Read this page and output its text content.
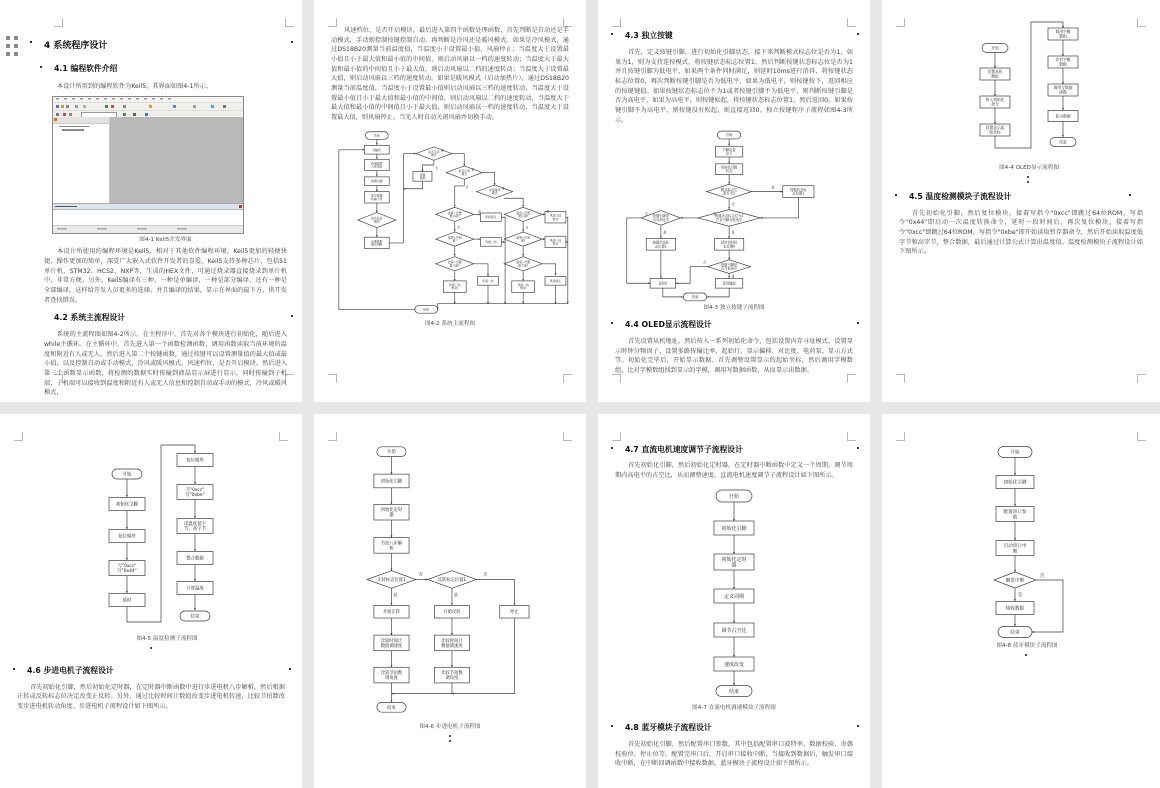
4 系统程序设计
4.1 编程软件介绍

本设计所用到的编程软件为Keil5，其界面如图4-1所示。

图4-1 Keil5开发界面

本设计所使用的编程环境是Keil5，相对于其他软件编程环境，Keil5更加的轻便快捷、操作更加的简单，深受广大嵌入式软件开发者的喜爱。Keil5支持多种芯片，包括51单片机、STM32、HCS2、NXP等，生成的HEX文件，可通过烧录器直接烧录到单片机中，非常方便。另外，Keil5编译有三种，一种是单编译，一种是部分编译，还有一种是全部编译，这样给开发人员更多的选择，并且编译的结果，显示在界面的最下方，供开发者查找错误。

4.2 系统主流程设计

系统的主流程图如图4-2所示。在主程序中，首先对各个模块进行初始化，随后进入while主循环。在主循环中，首先进入第一个函数检测函数，调用函数读取当前环境的温度和附近有人或无人，然后进入第二个按键函数，通过按键可以设置测量值的最大值或最小值，以及控制自动或手动模式，冷风或暖风模式，风速档位，是否开启模块。然后进入第三个函数显示函数，将检测的数据实时传输到液晶显示屏进行显示，同时传输到子机端，子机端可以接收到温度和附近有人或无人信息和控制自动或手动的模式，冷风或暖风模式，

风速档位、是否开启模块。最后进入第四个函数处理函数，首先判断是自动还是手动模式，手动则控制按键控制自动，再判断是冷风还是暖风模式。如果是冷风模式，通过DS18B20测量当前温度值，当温度小于设置最小值，风扇停止；当温度大于设置最小值且小于最大值和最小值的中间值，则启动风扇以一档的速度转动；当温度大于最大值和最小值的中间值且小于最大值，则启动风扇以二档的速度转动；当温度大于设置最大值，则启动风扇以三档的速度转动。如果是暖风模式（启动加热片），通过DS18B20测量当前温度值，当温度小于设置最小值则启动风扇以三档的速度转动，当温度大于设置最小值且小于最大值和最小值的中间值，则启动风扇以二档的速度转动，当温度大于最大值和最小值的中间值且小于最大值，则启动风扇以一档的速度转动，当温度大于设置最大值，则风扇停止。当无人时自动关闭风扇并切换手动。

开始
初始化
检测温度人体信息
按键扫描
显示数据传输子机
是否开启模块
处理函数模式判断
是否手动模式
按键控制
是否冷风模式
是否暖风模式
温度<设置最小值?	风扇停止
温度<中间值?	风扇二档
温度<设置最大值?
风扇三档转动
风扇一档
温度<设置最小值?	风扇三档转动
温度<中间值?	风扇一档转动
温度<设置最大值?
风扇二档转动
风扇停止
结束
是
否	是
否	是
是	是
否	否

图4-2 系统主流程图

4.3 独立按键

首先，定义按键引脚，进行初始化引脚状态。接下来判断模式标志位是否为1，如果为1，则为支持连按模式，将按键状态标志位置1。然后判断按键状态标志位是否为1并且按键引脚为低电平，如果两个条件同时满足，则延时10ms进行消抖，将按键状态标志位置0，再次判断按键引脚是否为低电平，如果为低电平，则按键按下，返回相应的按键键值。如果按键状态标志位不为1或者按键引脚不为低电平，则判断按键引脚是否为高电平，如果为高电平，则按键松起，将按键状态标志位置1，然后返回0。如果按键引脚不为高电平，则按键没有松起，则直接返回0。独立按键程序子流程如图4-3所示。

开始
引脚变量定义
初始化引脚状态
模式标志位是否为1
按键状态标志位置1
按键状态标志位为1 并且引脚为低电平
按键引脚是否为高电平
按键状态标志位置1
延时消抖标志位置0
按键引脚是否为低电平
返回0	返回键值
结束
是
否
否
是
是
否
是
否

图4-3 独立按键子流程图

4.4 OLED显示流程设计

首先设置从机地址，然后传入一系列初始化命令，包括设置内存寻址模式、设置显示时钟分频因子、设置多路传输比率、起始行、显示偏移、对比度、电荷泵、显示方式等。初始化完毕后，开始显示数据。首先调整设置显示的起始坐标，然后调用字模数组，比对字模数组找到显示的字模，调用写数据函数，从而显示出数据。

开始
设置从机地址
传入初始化命令
设置显示起始坐标
调用字模数组
比对字模数组
调用写数据函数
显示数据
结束

图4-4 OLED显示流程图

4.5 温度检测模块子流程设计

首先初始化引脚，然后复位模块，接着写指令"0xcc"即跳过64位ROM，写指令"0x44"即启动一次温度转换命令，延时一段时间后，再次复位模块，接着写指令"0xcc"即跳过64位ROM，写指令"0xbe"即开始读取暂存器命令，然后开始读取温度低字节和高字节，整合数据，最后通过计算公式计算出温度值。温度检测模块子流程设计如下图所示。

开始
初始化引脚
复位模块
写"0xcc"写"0x44"
延时
复位模块
写"0xcc"写"0xbe"
读温度低字节、高字节
整合数据
计算温度
结束

图4-5 温度检测子流程图

4.6 步进电机子流程设计

首先初始化引脚，然后初始化定时器，在定时器中断函数中进行步进电机八步解析，然后根据正转或反转标志位决定改变正反转。另外，通过比较时间计数值改变步进电机转速，比较节拍数改变步进电机转动角度。步进电机子流程设计如下图所示。

开始
初始化引脚
初始化定时器
节拍八步解析
正转标志位置1	反转标志位置1
停止
开始正转
比较时间计数值调速度
比较节拍数调角度
开始反转
比较时间计数值调速度
比较节拍数调角度
结束
是
否
是
否

图4-6 步进电机子流程图

4.7 直流电机速度调节子流程设计

首先初始化引脚，然后初始化定时器，在定时器中断函数中定义一个周期，调节周期内高电平的占空比，从而调整速度。直流电机速度调节子流程设计如下图所示。

开始
初始化引脚
初始化定时器
定义周期
调节占空比
速度改变
结束

图4-7 直流电机调速模块子流程图

4.8 蓝牙模块子流程设计

首先初始化引脚，然后配置串口参数，其中包括配置串口波特率、数据校验、奇偶校验位、停止位等。配置完串口后，开启串口接收中断，当接收到数据后，触发串口接收中断，在中断回调函数中接收数据。蓝牙模块子流程设计如下图所示。

开始
初始化引脚
配置串口参数
启动串口中断
触发中断
接收数据
结束
否
是

图4-8 蓝牙模块子流程图
